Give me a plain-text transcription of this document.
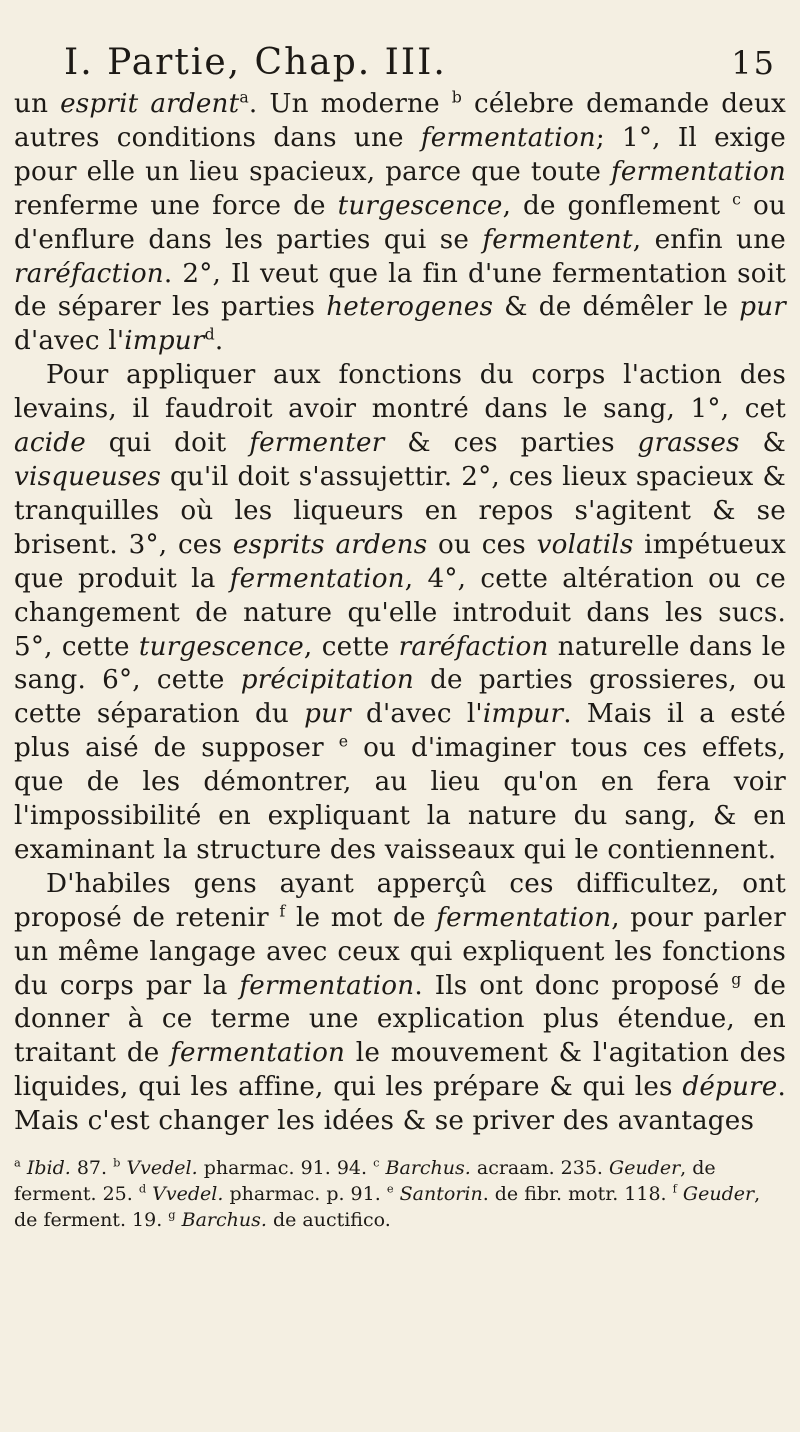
I. Partie, Chap. III.	15

un esprit ardent$^a$. Un moderne $^b$ célebre demande deux autres conditions dans une fermentation; 1°, Il exige pour elle un lieu spacieux, parce que toute fermentation renferme une force de turgescence, de gonflement $^c$ ou d'enflure dans les parties qui se fermentent, enfin une raréfaction. 2°, Il veut que la fin d'une fermentation soit de séparer les parties heterogenes & de démêler le pur d'avec l'impur$^d$.

Pour appliquer aux fonctions du corps l'action des levains, il faudroit avoir montré dans le sang, 1°, cet acide qui doit fermenter & ces parties grasses & visqueuses qu'il doit s'assujettir. 2°, ces lieux spacieux & tranquilles où les liqueurs en repos s'agitent & se brisent. 3°, ces esprits ardens ou ces volatils impétueux que produit la fermentation, 4°, cette altération ou ce changement de nature qu'elle introduit dans les sucs. 5°, cette turgescence, cette raréfaction naturelle dans le sang. 6°, cette précipitation de parties grossieres, ou cette séparation du pur d'avec l'impur. Mais il a esté plus aisé de supposer $^e$ ou d'imaginer tous ces effets, que de les démontrer, au lieu qu'on en fera voir l'impossibilité en expliquant la nature du sang, & en examinant la structure des vaisseaux qui le contiennent.

D'habiles gens ayant apperçû ces difficultez, ont proposé de retenir $^f$ le mot de fermentation, pour parler un même langage avec ceux qui expliquent les fonctions du corps par la fermentation. Ils ont donc proposé $^g$ de donner à ce terme une explication plus étendue, en traitant de fermentation le mouvement & l'agitation des liquides, qui les affine, qui les prépare & qui les dépure. Mais c'est changer les idées & se priver des avantages

$^a$ Ibid. 87. $^b$ Vvedel. pharmac. 91. 94. $^c$ Barchus. acraam. 235. Geuder, de ferment. 25. $^d$ Vvedel. pharmac. p. 91. $^e$ Santorin. de fibr. motr. 118. $^f$ Geuder, de ferment. 19. $^g$ Barchus. de auctifico.
